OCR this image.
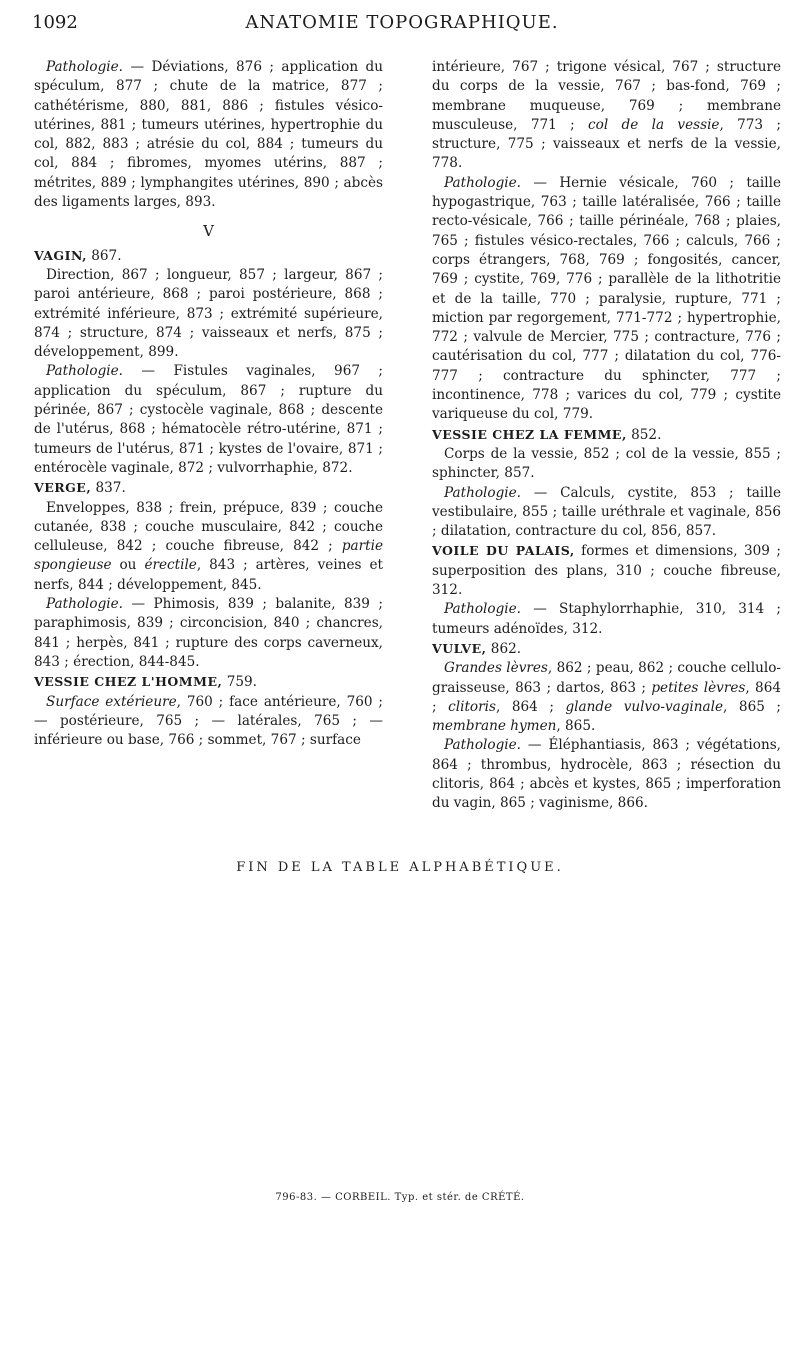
1092	ANATOMIE TOPOGRAPHIQUE.

Pathologie. — Déviations, 876 ; application du spéculum, 877 ; chute de la matrice, 877 ; cathétérisme, 880, 881, 886 ; fistules vésico-utérines, 881 ; tumeurs utérines, hypertrophie du col, 882, 883 ; atrésie du col, 884 ; tumeurs du col, 884 ; fibromes, myomes utérins, 887 ; métrites, 889 ; lymphangites utérines, 890 ; abcès des ligaments larges, 893.

V

VAGIN, 867.

Direction, 867 ; longueur, 857 ; largeur, 867 ; paroi antérieure, 868 ; paroi postérieure, 868 ; extrémité inférieure, 873 ; extrémité supérieure, 874 ; structure, 874 ; vaisseaux et nerfs, 875 ; développement, 899.

Pathologie. — Fistules vaginales, 967 ; application du spéculum, 867 ; rupture du périnée, 867 ; cystocèle vaginale, 868 ; descente de l'utérus, 868 ; hématocèle rétro-utérine, 871 ; tumeurs de l'utérus, 871 ; kystes de l'ovaire, 871 ; entérocèle vaginale, 872 ; vulvorrhaphie, 872.

VERGE, 837.

Enveloppes, 838 ; frein, prépuce, 839 ; couche cutanée, 838 ; couche musculaire, 842 ; couche celluleuse, 842 ; couche fibreuse, 842 ; partie spongieuse ou érectile, 843 ; artères, veines et nerfs, 844 ; développement, 845.

Pathologie. — Phimosis, 839 ; balanite, 839 ; paraphimosis, 839 ; circoncision, 840 ; chancres, 841 ; herpès, 841 ; rupture des corps caverneux, 843 ; érection, 844-845.

VESSIE CHEZ L'HOMME, 759.

Surface extérieure, 760 ; face antérieure, 760 ; — postérieure, 765 ; — latérales, 765 ; — inférieure ou base, 766 ; sommet, 767 ; surface

intérieure, 767 ; trigone vésical, 767 ; structure du corps de la vessie, 767 ; bas-fond, 769 ; membrane muqueuse, 769 ; membrane musculeuse, 771 ; col de la vessie, 773 ; structure, 775 ; vaisseaux et nerfs de la vessie, 778.

Pathologie. — Hernie vésicale, 760 ; taille hypogastrique, 763 ; taille latéralisée, 766 ; taille recto-vésicale, 766 ; taille périnéale, 768 ; plaies, 765 ; fistules vésico-rectales, 766 ; calculs, 766 ; corps étrangers, 768, 769 ; fongosités, cancer, 769 ; cystite, 769, 776 ; parallèle de la lithotritie et de la taille, 770 ; paralysie, rupture, 771 ; miction par regorgement, 771-772 ; hypertrophie, 772 ; valvule de Mercier, 775 ; contracture, 776 ; cautérisation du col, 777 ; dilatation du col, 776-777 ; contracture du sphincter, 777 ; incontinence, 778 ; varices du col, 779 ; cystite variqueuse du col, 779.

VESSIE CHEZ LA FEMME, 852.

Corps de la vessie, 852 ; col de la vessie, 855 ; sphincter, 857.

Pathologie. — Calculs, cystite, 853 ; taille vestibulaire, 855 ; taille uréthrale et vaginale, 856 ; dilatation, contracture du col, 856, 857.

VOILE DU PALAIS, formes et dimensions, 309 ; superposition des plans, 310 ; couche fibreuse, 312.

Pathologie. — Staphylorrhaphie, 310, 314 ; tumeurs adénoïdes, 312.

VULVE, 862.

Grandes lèvres, 862 ; peau, 862 ; couche cellulo-graisseuse, 863 ; dartos, 863 ; petites lèvres, 864 ; clitoris, 864 ; glande vulvo-vaginale, 865 ; membrane hymen, 865.

Pathologie. — Éléphantiasis, 863 ; végétations, 864 ; thrombus, hydrocèle, 863 ; résection du clitoris, 864 ; abcès et kystes, 865 ; imperforation du vagin, 865 ; vaginisme, 866.

FIN DE LA TABLE ALPHABÉTIQUE.
796-83. — CORBEIL. Typ. et stér. de CRÉTÉ.
